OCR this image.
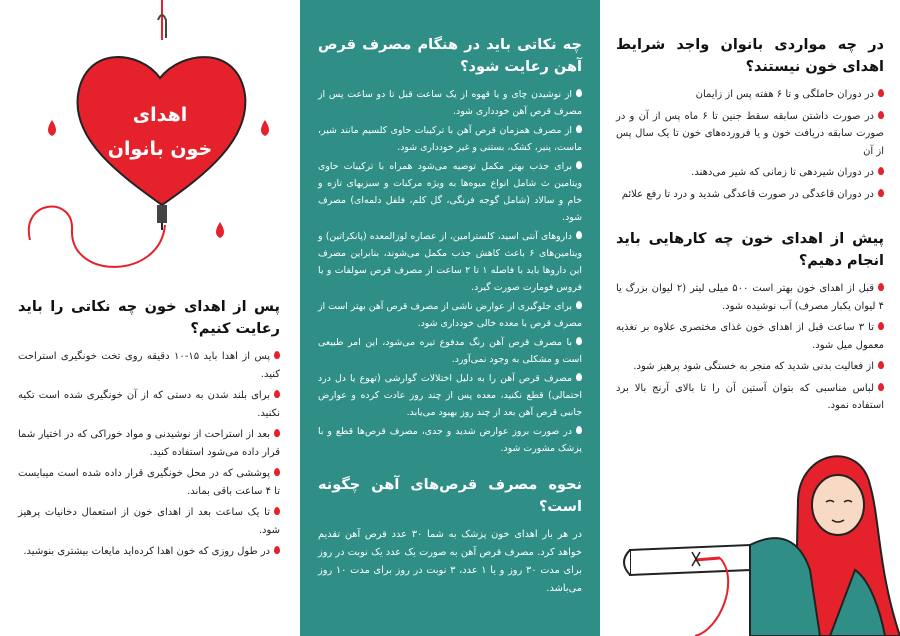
اهدای
خون بانوان
پس از اهدای خون چه نکاتی را باید رعایت کنیم؟
پس از اهدا باید ۱۵-۱۰ دقیقه روی تخت خونگیری استراحت کنید.
برای بلند شدن به دستی که از آن خونگیری شده است تکیه نکنید.
بعد از استراحت از نوشیدنی و مواد خوراکی که در اختیار شما قرار داده می‌شود استفاده کنید.
پوششی که در محل خونگیری قرار داده شده است میبایست تا ۴ ساعت باقی بماند.
تا یک ساعت بعد از اهدای خون از استعمال دخانیات پرهیز شود.
در طول روزی که خون اهدا کرده‌اید مایعات بیشتری بنوشید.
چه نکاتی باید در هنگام مصرف قرص آهن رعایت شود؟
از نوشیدن چای و یا قهوه از یک ساعت قبل تا دو ساعت پس از مصرف قرص آهن خودداری شود.
از مصرف همزمان قرص آهن با ترکیبات حاوی کلسیم مانند شیر، ماست، پنیر، کشک، بستنی و غیر خودداری شود.
برای جذب بهتر مکمل توصیه می‌شود همراه با ترکیبات حاوی ویتامین ث شامل انواع میوه‌ها به ویژه مرکبات و سبزیهای تازه و خام و سالاد (شامل گوجه فرنگی، گل کلم، فلفل دلمه‌ای) مصرف شود.
داروهای آنتی اسید، کلسترامین، از عصاره لوزالمعده (پانکراتین) و ویتامین‌های ۶ باعث کاهش جذب مکمل می‌شوند، بنابراین مصرف این داروها باید با فاصله ۱ تا ۲ ساعت از مصرف قرص سولفات و یا فروس فومارت صورت گیرد.
برای جلوگیری از عوارض ناشی از مصرف قرص آهن بهتر است از مصرف قرص با معده خالی خودداری شود.
با مصرف قرص آهن رنگ مدفوع تیره می‌شود، این امر طبیعی است و مشکلی به وجود نمی‌آورد.
مصرف قرص آهن را به دلیل اختلالات گوارشی (تهوع یا دل درد احتمالی) قطع نکنید، معده پس از چند روز عادت کرده و عوارض جانبی قرص آهن بعد از چند روز بهبود می‌یابد.
در صورت بروز عوارض شدید و جدی، مصرف قرص‌ها قطع و با پزشک مشورت شود.
نحوه مصرف قرص‌های آهن چگونه است؟

در هر بار اهدای خون پزشک به شما ۳۰ عدد قرص آهن تقدیم خواهد کرد. مصرف قرص آهن به صورت یک عدد یک نوبت در روز برای مدت ۳۰ روز و یا ۱ عدد، ۳ نوبت در روز برای مدت ۱۰ روز می‌باشد.

در چه مواردی بانوان واجد شرایط اهدای خون نیستند؟
در دوران حاملگی و تا ۶ هفته پس از زایمان
در صورت داشتن سابقه سقط جنین تا ۶ ماه پس از آن و در صورت سابقه دریافت خون و یا فرورده‌های خون تا یک سال پس از آن
در دوران شیردهی تا زمانی که شیر می‌دهند.
در دوران قاعدگی در صورت قاعدگی شدید و درد تا رفع علائم
پیش از اهدای خون چه کارهایی باید انجام دهیم؟
قبل از اهدای خون بهتر است ۵۰۰ میلی لیتر (۲ لیوان بزرگ یا ۴ لیوان یکبار مصرف) آب نوشیده شود.
تا ۳ ساعت قبل از اهدای خون غذای مختصری علاوه بر تغذیه معمول میل شود.
از فعالیت بدنی شدید که منجر به خستگی شود پرهیز شود.
لباس مناسبی که بتوان آستین آن را تا بالای آرنج بالا برد استفاده نمود.
